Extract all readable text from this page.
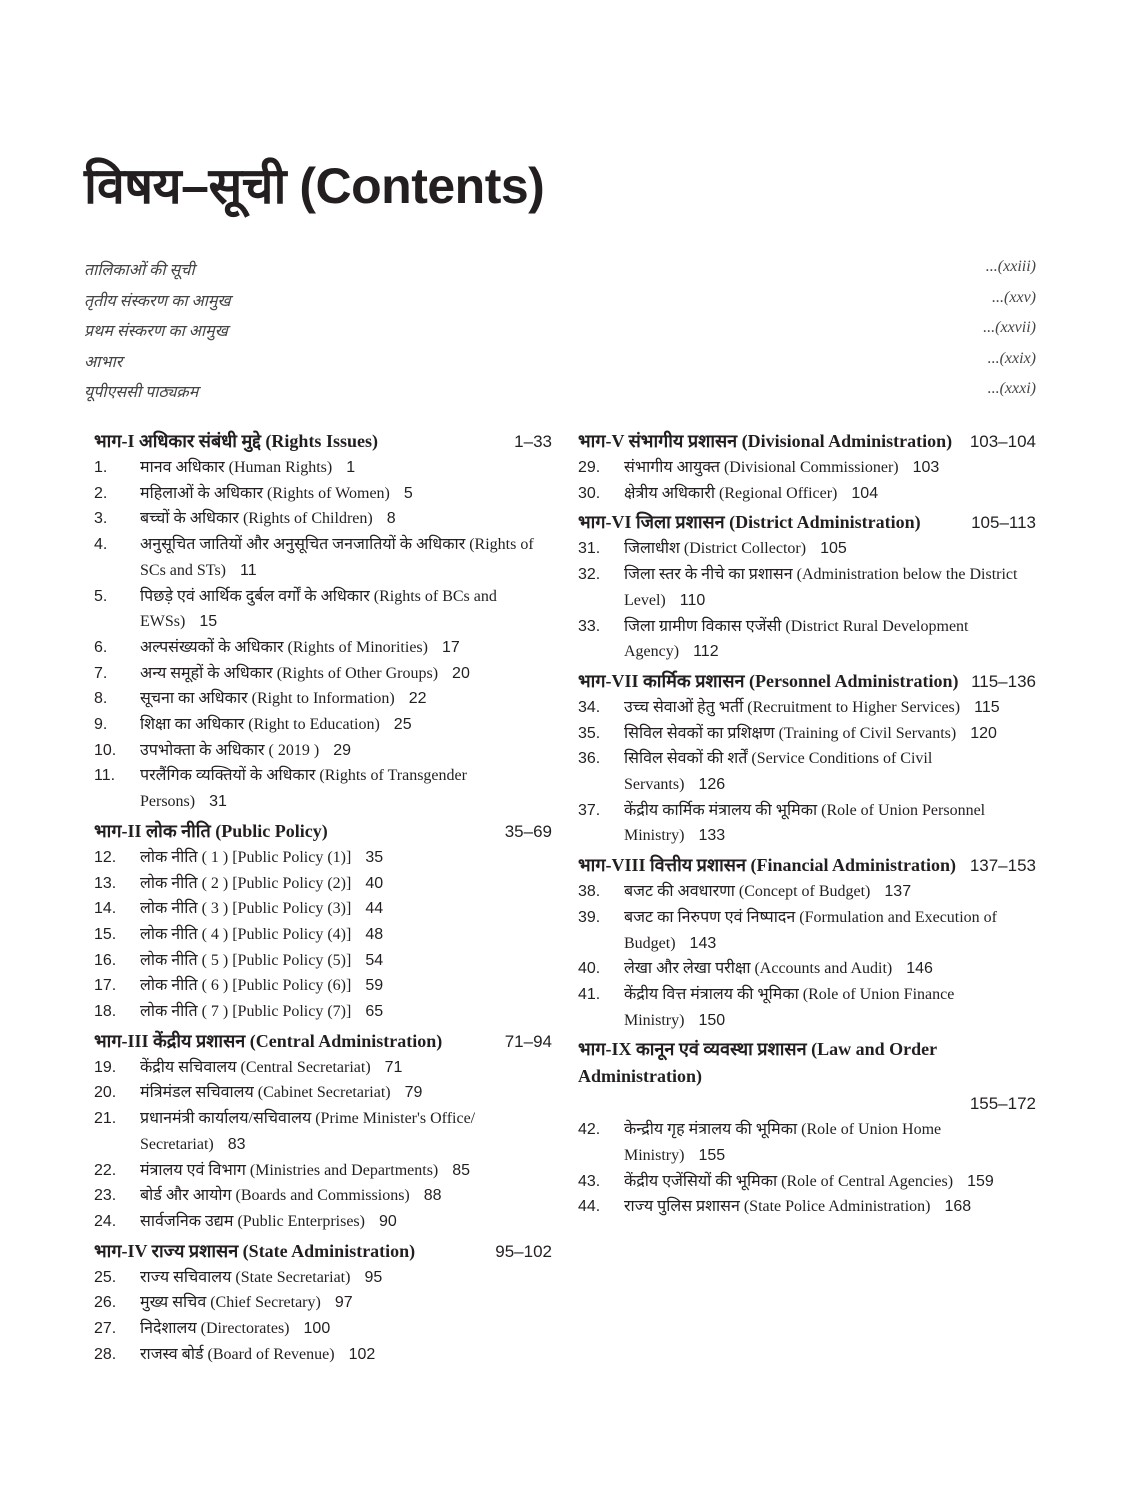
विषय–सूची (Contents)
तालिकाओं की सूची	...(xxiii)
तृतीय संस्करण का आमुख	...(xxv)
प्रथम संस्करण का आमुख	...(xxvii)
आभार	...(xxix)
यूपीएससी पाठ्यक्रम	...(xxxi)
भाग-I अधिकार संबंधी मुद्दे (Rights Issues)	1–33
1.	मानव अधिकार (Human Rights) 1
2.	महिलाओं के अधिकार (Rights of Women) 5
3.	बच्चों के अधिकार (Rights of Children) 8
4.	अनुसूचित जातियों और अनुसूचित जनजातियों के अधिकार (Rights of SCs and STs) 11
5.	पिछड़े एवं आर्थिक दुर्बल वर्गों के अधिकार (Rights of BCs and EWSs) 15
6.	अल्पसंख्यकों के अधिकार (Rights of Minorities) 17
7.	अन्य समूहों के अधिकार (Rights of Other Groups) 20
8.	सूचना का अधिकार (Right to Information) 22
9.	शिक्षा का अधिकार (Right to Education) 25
10.	उपभोक्ता के अधिकार ( 2019 ) 29
11.	परलैंगिक व्यक्तियों के अधिकार (Rights of Transgender Persons) 31
भाग-II लोक नीति (Public Policy)	35–69
12.	लोक नीति ( 1 ) [Public Policy (1)] 35
13.	लोक नीति ( 2 ) [Public Policy (2)] 40
14.	लोक नीति ( 3 ) [Public Policy (3)] 44
15.	लोक नीति ( 4 ) [Public Policy (4)] 48
16.	लोक नीति ( 5 ) [Public Policy (5)] 54
17.	लोक नीति ( 6 ) [Public Policy (6)] 59
18.	लोक नीति ( 7 ) [Public Policy (7)] 65
भाग-III केंद्रीय प्रशासन (Central Administration)	71–94
19.	केंद्रीय सचिवालय (Central Secretariat) 71
20.	मंत्रिमंडल सचिवालय (Cabinet Secretariat) 79
21.	प्रधानमंत्री कार्यालय/सचिवालय (Prime Minister's Office/ Secretariat) 83
22.	मंत्रालय एवं विभाग (Ministries and Departments) 85
23.	बोर्ड और आयोग (Boards and Commissions) 88
24.	सार्वजनिक उद्यम (Public Enterprises) 90
भाग-IV राज्य प्रशासन (State Administration)	95–102
25.	राज्य सचिवालय (State Secretariat) 95
26.	मुख्य सचिव (Chief Secretary) 97
27.	निदेशालय (Directorates) 100
28.	राजस्व बोर्ड (Board of Revenue) 102
भाग-V संभागीय प्रशासन (Divisional Administration) 103–104
29.	संभागीय आयुक्त (Divisional Commissioner) 103
30.	क्षेत्रीय अधिकारी (Regional Officer) 104
भाग-VI जिला प्रशासन (District Administration)	105–113
31.	जिलाधीश (District Collector) 105
32.	जिला स्तर के नीचे का प्रशासन (Administration below the District Level) 110
33.	जिला ग्रामीण विकास एजेंसी (District Rural Development Agency) 112
भाग-VII कार्मिक प्रशासन (Personnel Administration) 115–136
34.	उच्च सेवाओं हेतु भर्ती (Recruitment to Higher Services) 115
35.	सिविल सेवकों का प्रशिक्षण (Training of Civil Servants) 120
36.	सिविल सेवकों की शर्तें (Service Conditions of Civil Servants) 126
37.	केंद्रीय कार्मिक मंत्रालय की भूमिका (Role of Union Personnel Ministry) 133
भाग-VIII वित्तीय प्रशासन (Financial Administration) 137–153
38.	बजट की अवधारणा (Concept of Budget) 137
39.	बजट का निरुपण एवं निष्पादन (Formulation and Execution of Budget) 143
40.	लेखा और लेखा परीक्षा (Accounts and Audit) 146
41.	केंद्रीय वित्त मंत्रालय की भूमिका (Role of Union Finance Ministry) 150
भाग-IX कानून एवं व्यवस्था प्रशासन (Law and Order Administration)
155–172
42.	केन्द्रीय गृह मंत्रालय की भूमिका (Role of Union Home Ministry) 155
43.	केंद्रीय एजेंसियों की भूमिका (Role of Central Agencies) 159
44.	राज्य पुलिस प्रशासन (State Police Administration) 168
